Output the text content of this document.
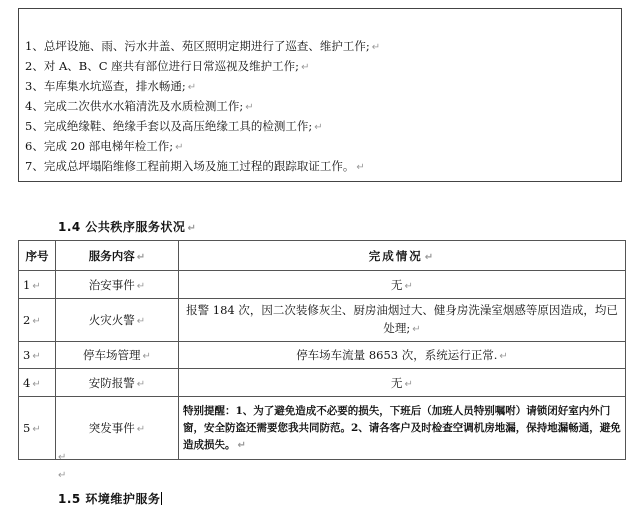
1、总坪设施、雨、污水井盖、苑区照明定期进行了巡查、维护工作; ↵
2、对 A、B、C 座共有部位进行日常巡视及维护工作; ↵
3、车库集水坑巡查，排水畅通; ↵
4、完成二次供水水箱清洗及水质检测工作; ↵
5、完成绝缘鞋、绝缘手套以及高压绝缘工具的检测工作; ↵
6、完成 20 部电梯年检工作; ↵
7、完成总坪塌陷维修工程前期入场及施工过程的跟踪取证工作。 ↵
1.4 公共秩序服务状况 ↵
序号	服务内容 ↵	完成情况 ↵
1 ↵	治安事件 ↵	无 ↵
2 ↵	火灾火警 ↵	报警 184 次，因二次装修灰尘、厨房油烟过大、健身房洗澡室烟感等原因造成，均已处理; ↵
3 ↵	停车场管理 ↵	停车场车流量 8653 次，系统运行正常. ↵
4 ↵	安防报警 ↵	无 ↵
5 ↵	突发事件 ↵	特别提醒：1、为了避免造成不必要的损失，下班后（加班人员特别嘱咐）请锁闭好室内外门窗，安全防盗还需要您我共同防范。2、请各客户及时检查空调机房地漏，保持地漏畅通，避免造成损失。 ↵
↵
↵
1.5 环境维护服务
